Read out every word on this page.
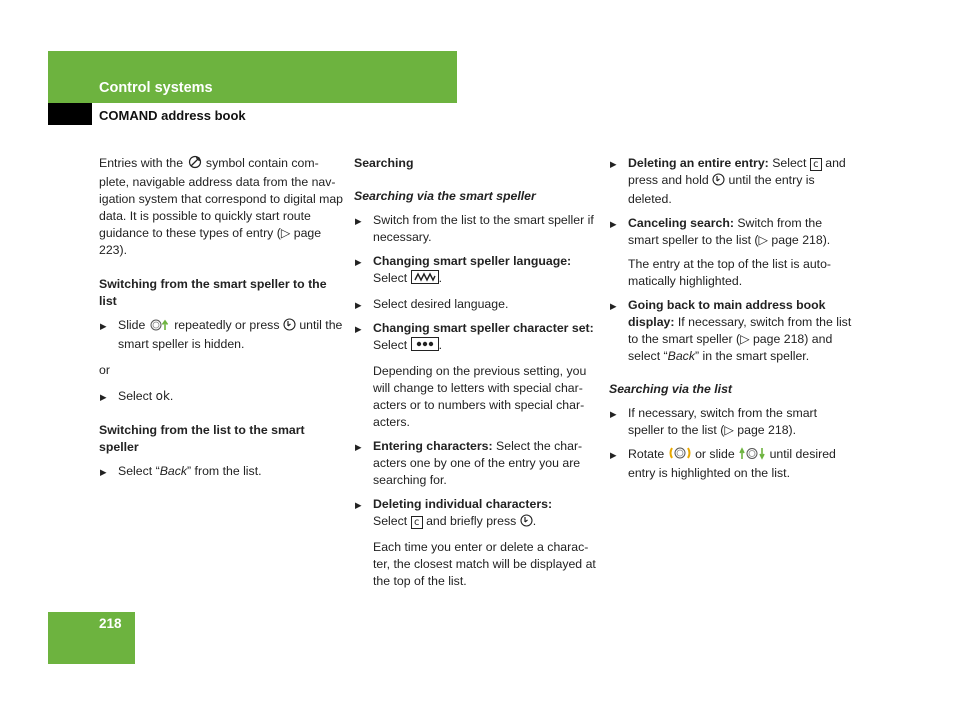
Control systems
COMAND address book

Entries with the symbol contain com-plete, navigable address data from the nav-igation system that correspond to digital map data. It is possible to quickly start route guidance to these types of entry (▷ page 223).

Switching from the smart speller to the list

▶ Slide repeatedly or press until the smart speller is hidden.

or

▶ Select ok.

Switching from the list to the smart speller

▶ Select “Back” from the list.

Searching

Searching via the smart speller

▶ Switch from the list to the smart speller if necessary.

▶ Changing smart speller language: Select	.

▶ Select desired language.

▶ Changing smart speller character set: Select	.

Depending on the previous setting, you will change to letters with special char-acters or to numbers with special char-acters.

▶ Entering characters: Select the char-acters one by one of the entry you are searching for.

▶ Deleting individual characters:
Select c and briefly press .

Each time you enter or delete a charac-ter, the closest match will be displayed at the top of the list.

▶ Deleting an entire entry: Select c and press and hold until the entry is deleted.

▶ Canceling search: Switch from the smart speller to the list (▷ page 218).

The entry at the top of the list is auto-matically highlighted.

▶ Going back to main address book display: If necessary, switch from the list to the smart speller (▷ page 218) and select “Back” in the smart speller.

Searching via the list

▶ If necessary, switch from the smart speller to the list (▷ page 218).

▶ Rotate	or slide	until desired entry is highlighted on the list.

218
